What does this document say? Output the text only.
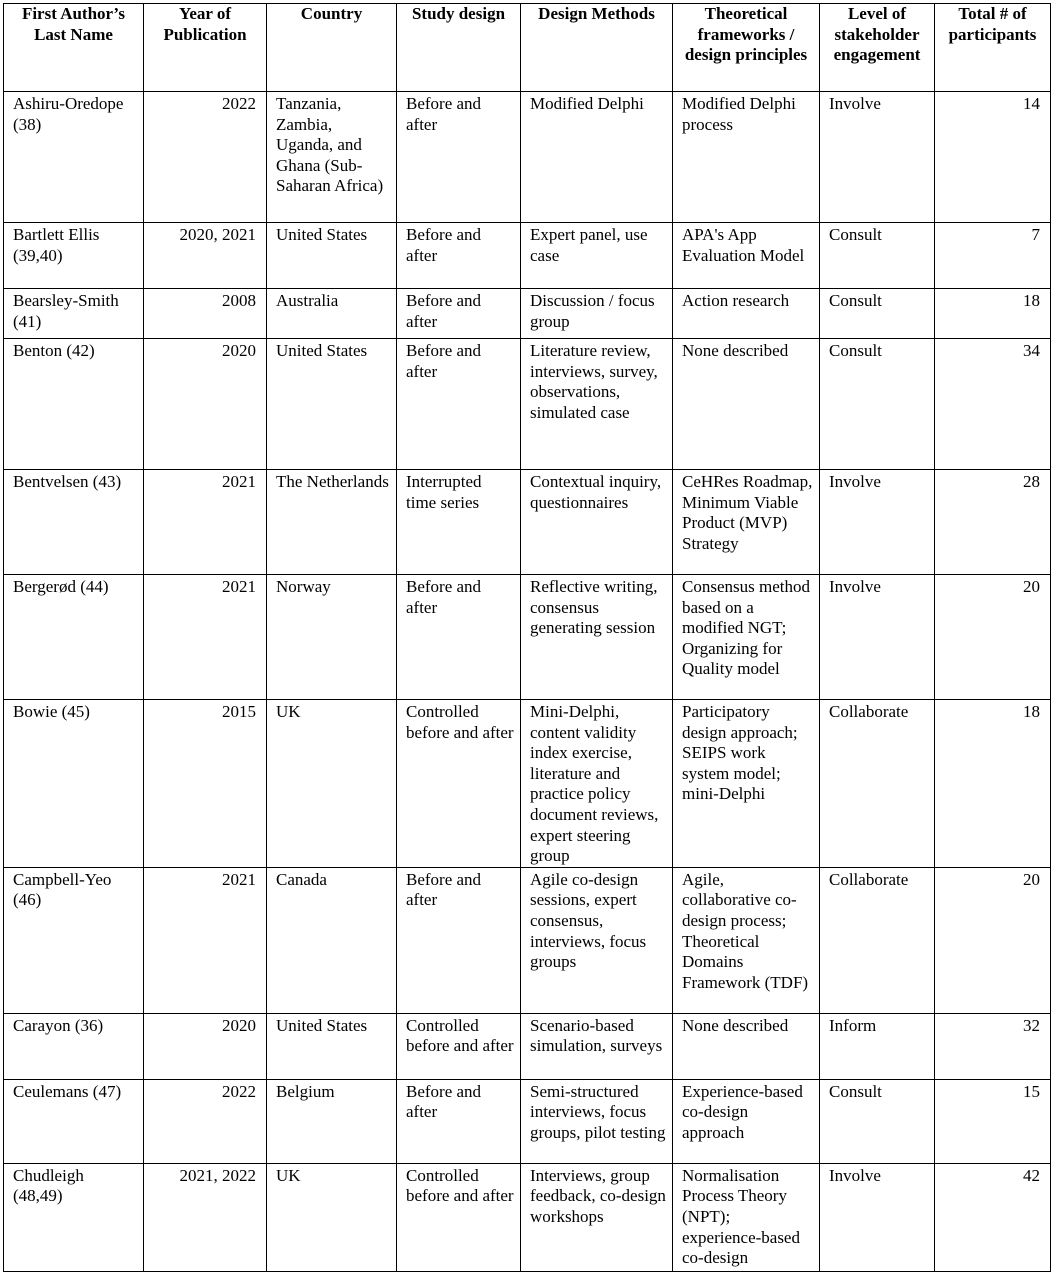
First Author’s Last Name	Year of Publication	Country	Study design	Design Methods	Theoretical frameworks / design principles	Level of stakeholder engagement	Total # of participants
Ashiru-Oredope (38)	2022	Tanzania, Zambia, Uganda, and Ghana (Sub-Saharan Africa)	Before and after	Modified Delphi	Modified Delphi process	Involve	14
Bartlett Ellis (39,40)	2020, 2021	United States	Before and after	Expert panel, use case	APA's App Evaluation Model	Consult	7
Bearsley-Smith (41)	2008	Australia	Before and after	Discussion / focus group	Action research	Consult	18
Benton (42)	2020	United States	Before and after	Literature review, interviews, survey, observations, simulated case	None described	Consult	34
Bentvelsen (43)	2021	The Netherlands	Interrupted time series	Contextual inquiry, questionnaires	CeHRes Roadmap, Minimum Viable Product (MVP) Strategy	Involve	28
Bergerød (44)	2021	Norway	Before and after	Reflective writing, consensus generating session	Consensus method based on a modified NGT; Organizing for Quality model	Involve	20
Bowie (45)	2015	UK	Controlled before and after	Mini-Delphi, content validity index exercise, literature and practice policy document reviews, expert steering group	Participatory design approach; SEIPS work system model; mini-Delphi	Collaborate	18
Campbell-Yeo (46)	2021	Canada	Before and after	Agile co-design sessions, expert consensus, interviews, focus groups	Agile, collaborative co-design process; Theoretical Domains Framework (TDF)	Collaborate	20
Carayon (36)	2020	United States	Controlled before and after	Scenario-based simulation, surveys	None described	Inform	32
Ceulemans (47)	2022	Belgium	Before and after	Semi-structured interviews, focus groups, pilot testing	Experience-based co-design approach	Consult	15
Chudleigh (48,49)	2021, 2022	UK	Controlled before and after	Interviews, group feedback, co-design workshops	Normalisation Process Theory (NPT); experience-based co-design	Involve	42
